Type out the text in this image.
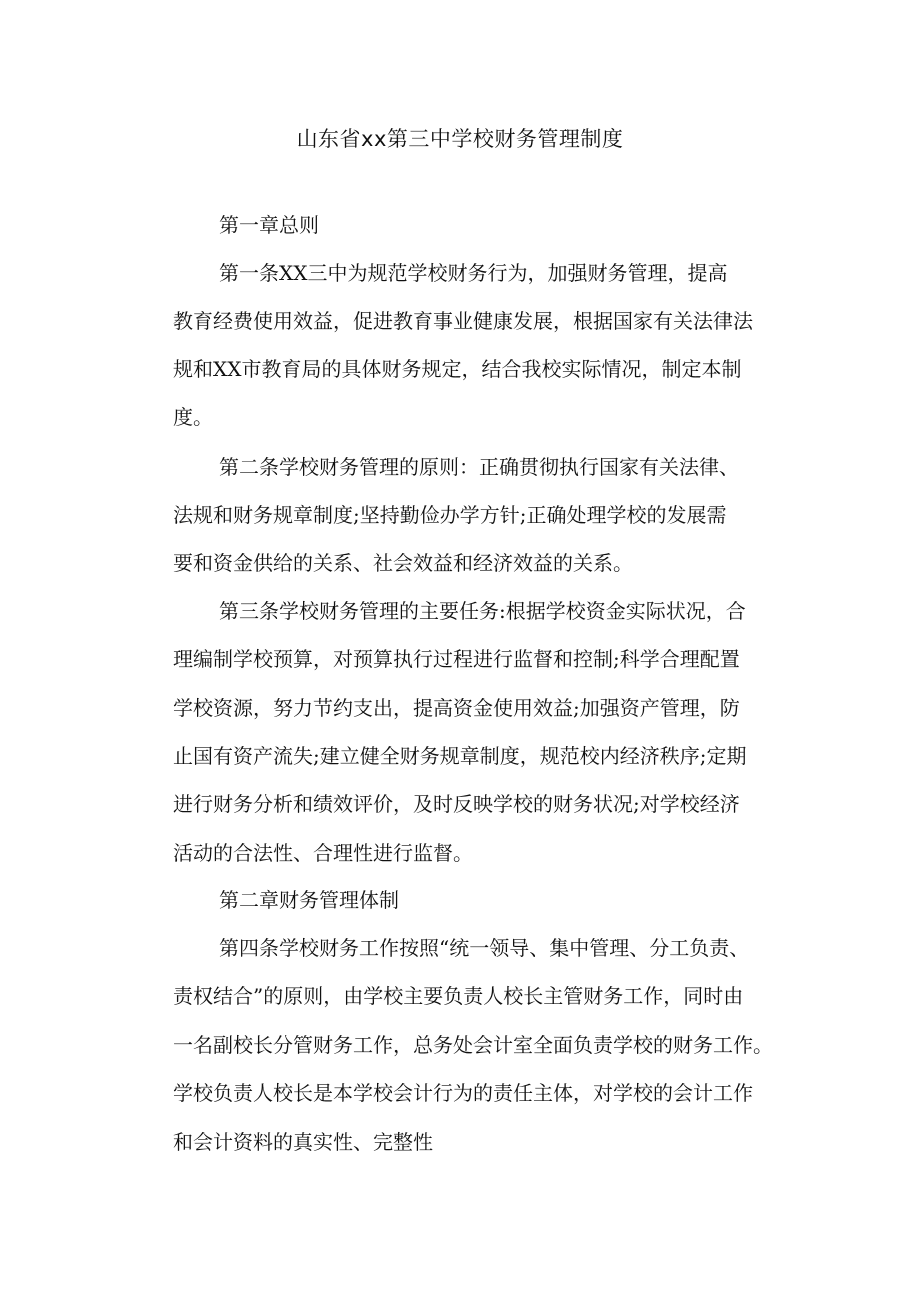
山东省xx第三中学校财务管理制度
第一章总则
第一条XX三中为规范学校财务行为，加强财务管理，提高
教育经费使用效益，促进教育事业健康发展，根据国家有关法律法
规和XX市教育局的具体财务规定，结合我校实际情况，制定本制
度。
第二条学校财务管理的原则：正确贯彻执行国家有关法律、
法规和财务规章制度;坚持勤俭办学方针;正确处理学校的发展需
要和资金供给的关系、社会效益和经济效益的关系。
第三条学校财务管理的主要任务:根据学校资金实际状况，合
理编制学校预算，对预算执行过程进行监督和控制;科学合理配置
学校资源，努力节约支出，提高资金使用效益;加强资产管理，防
止国有资产流失;建立健全财务规章制度，规范校内经济秩序;定期
进行财务分析和绩效评价，及时反映学校的财务状况;对学校经济
活动的合法性、合理性进行监督。
第二章财务管理体制
第四条学校财务工作按照“统一领导、集中管理、分工负责、
责权结合”的原则，由学校主要负责人校长主管财务工作，同时由
一名副校长分管财务工作，总务处会计室全面负责学校的财务工作。
学校负责人校长是本学校会计行为的责任主体，对学校的会计工作
和会计资料的真实性、完整性
